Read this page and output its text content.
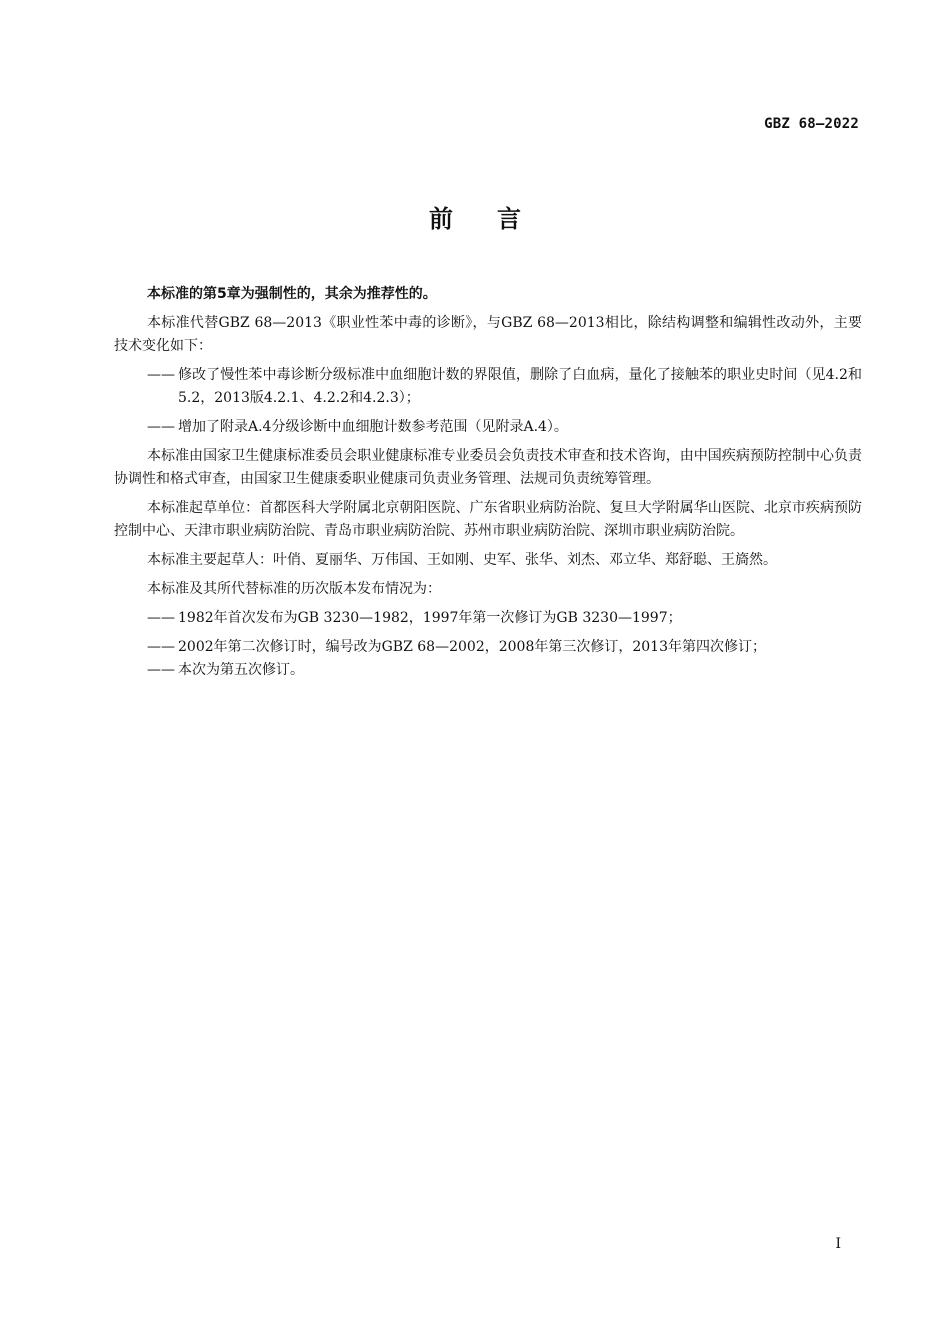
GBZ 68—2022
前言

本标准的第5章为强制性的，其余为推荐性的。

本标准代替GBZ 68—2013《职业性苯中毒的诊断》，与GBZ 68—2013相比，除结构调整和编辑性改动外，主要技术变化如下：

—— 修改了慢性苯中毒诊断分级标准中血细胞计数的界限值，删除了白血病，量化了接触苯的职业史时间（见4.2和5.2，2013版4.2.1、4.2.2和4.2.3）；

—— 增加了附录A.4分级诊断中血细胞计数参考范围（见附录A.4）。

本标准由国家卫生健康标准委员会职业健康标准专业委员会负责技术审查和技术咨询，由中国疾病预防控制中心负责协调性和格式审查，由国家卫生健康委职业健康司负责业务管理、法规司负责统筹管理。

本标准起草单位：首都医科大学附属北京朝阳医院、广东省职业病防治院、复旦大学附属华山医院、北京市疾病预防控制中心、天津市职业病防治院、青岛市职业病防治院、苏州市职业病防治院、深圳市职业病防治院。

本标准主要起草人：叶俏、夏丽华、万伟国、王如刚、史军、张华、刘杰、邓立华、郑舒聪、王旖然。

本标准及其所代替标准的历次版本发布情况为：

—— 1982年首次发布为GB 3230—1982，1997年第一次修订为GB 3230—1997；

—— 2002年第二次修订时，编号改为GBZ 68—2002，2008年第三次修订，2013年第四次修订；

—— 本次为第五次修订。

I
